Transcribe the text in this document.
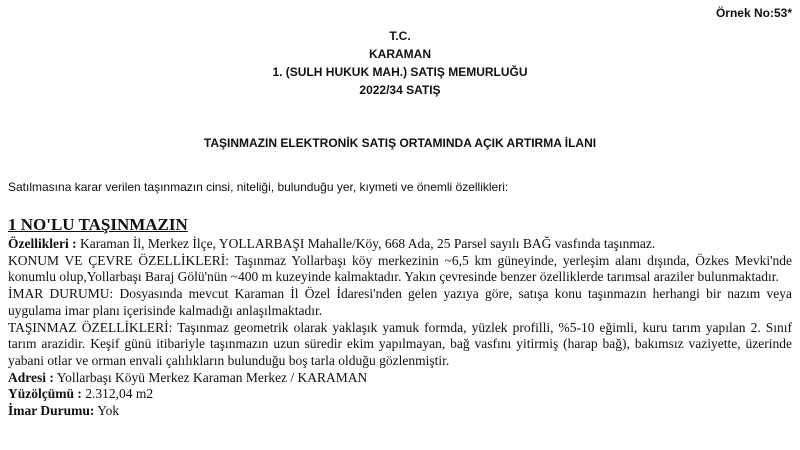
Örnek No:53*
T.C.
KARAMAN
1. (SULH HUKUK MAH.) SATIŞ MEMURLUĞU
2022/34 SATIŞ
TAŞINMAZIN ELEKTRONİK SATIŞ ORTAMINDA AÇIK ARTIRMA İLANI
Satılmasına karar verilen taşınmazın cinsi, niteliği, bulunduğu yer, kıymeti ve önemli özellikleri:
1 NO'LU TAŞINMAZIN

Özellikleri : Karaman İl, Merkez İlçe, YOLLARBAŞI Mahalle/Köy, 668 Ada, 25 Parsel sayılı BAĞ vasfında taşınmaz.

KONUM VE ÇEVRE ÖZELLİKLERİ: Taşınmaz Yollarbaşı köy merkezinin ~6,5 km güneyinde, yerleşim alanı dışında, Özkes Mevki'nde konumlu olup,Yollarbaşı Baraj Gölü'nün ~400 m kuzeyinde kalmaktadır. Yakın çevresinde benzer özelliklerde tarımsal araziler bulunmaktadır.

İMAR DURUMU: Dosyasında mevcut Karaman İl Özel İdaresi'nden gelen yazıya göre, satışa konu taşınmazın herhangi bir nazım veya uygulama imar planı içerisinde kalmadığı anlaşılmaktadır.

TAŞINMAZ ÖZELLİKLERİ: Taşınmaz geometrik olarak yaklaşık yamuk formda, yüzlek profilli, %5-10 eğimli, kuru tarım yapılan 2. Sınıf tarım arazidir. Keşif günü itibariyle taşınmazın uzun süredir ekim yapılmayan, bağ vasfını yitirmiş (harap bağ), bakımsız vaziyette, üzerinde yabani otlar ve orman envali çalılıkların bulunduğu boş tarla olduğu gözlenmiştir.

Adresi : Yollarbaşı Köyü Merkez Karaman Merkez / KARAMAN

Yüzölçümü : 2.312,04 m2

İmar Durumu: Yok
